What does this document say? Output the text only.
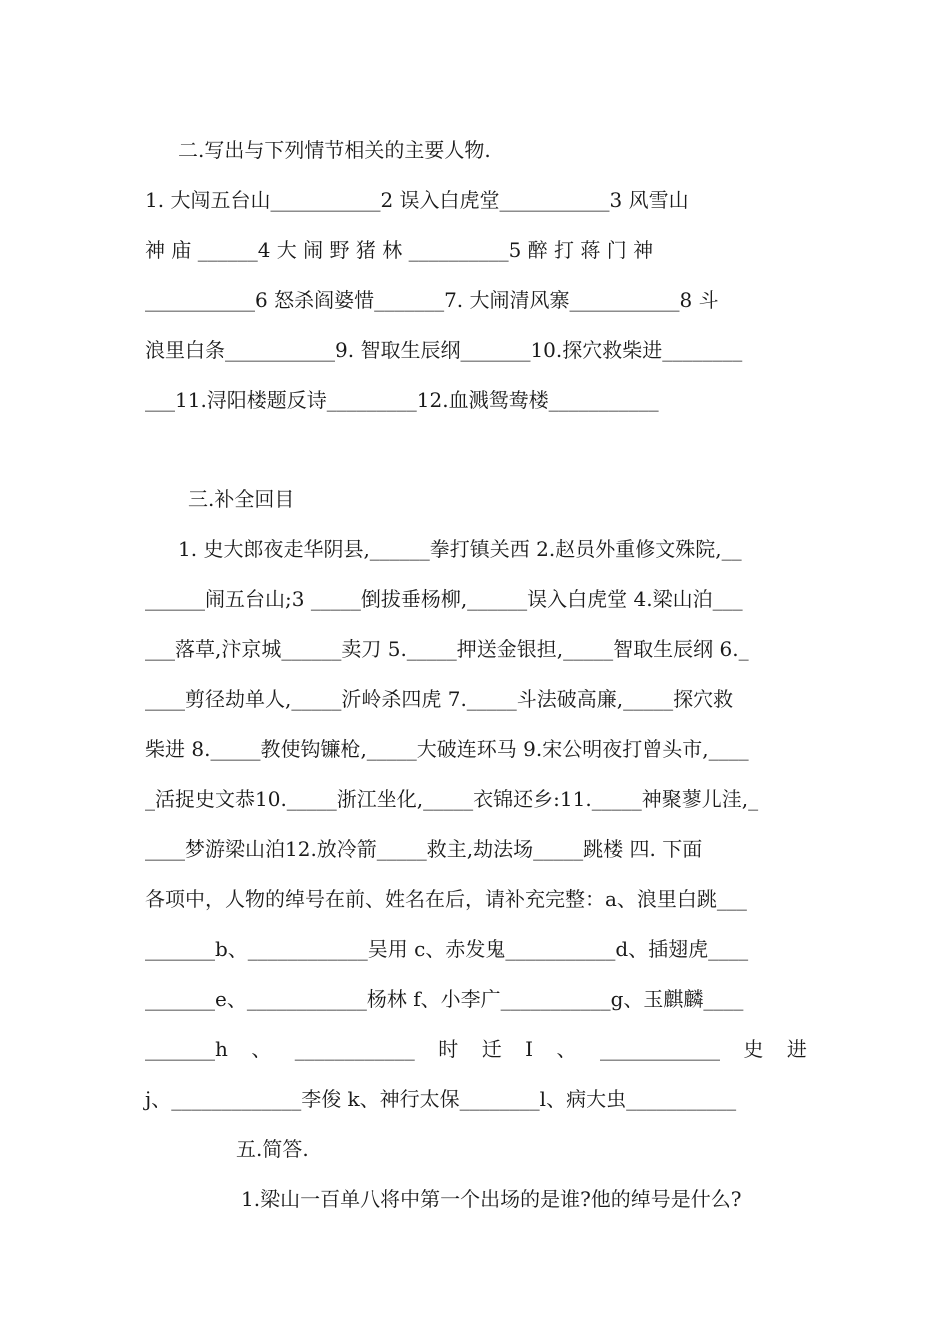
二.写出与下列情节相关的主要人物.
1. 大闯五台山___________2 误入白虎堂___________3 风雪山
神 庙 ______4 大 闹 野 猪 林 __________5 醉 打 蒋 门 神
___________6 怒杀阎婆惜_______7. 大闹清风寨___________8 斗
浪里白条___________9. 智取生辰纲_______10.探穴救柴进________
___11.浔阳楼题反诗_________12.血溅鸳鸯楼___________
三.补全回目
1. 史大郎夜走华阴县,______拳打镇关西 2.赵员外重修文殊院,__
______闹五台山;3 _____倒拔垂杨柳,______误入白虎堂 4.梁山泊___
___落草,汴京城______卖刀 5._____押送金银担,_____智取生辰纲 6._
____剪径劫单人,_____沂岭杀四虎 7._____斗法破高廉,_____探穴救
柴进 8._____教使钩镰枪,_____大破连环马 9.宋公明夜打曾头市,____
_活捉史文恭10._____浙江坐化,_____衣锦还乡:11._____神聚蓼儿洼,_
____梦游梁山泊12.放冷箭_____救主,劫法场_____跳楼 四. 下面
各项中，人物的绰号在前、姓名在后，请补充完整：a、浪里白跳___
_______b、____________吴用 c、赤发鬼___________d、插翅虎____
_______e、____________杨林 f、小李广___________g、玉麒麟____
_______h 、 ____________ 时 迁 I 、 ____________ 史 进
j、_____________李俊 k、神行太保________l、病大虫___________
五.简答.
1.梁山一百单八将中第一个出场的是谁?他的绰号是什么?
